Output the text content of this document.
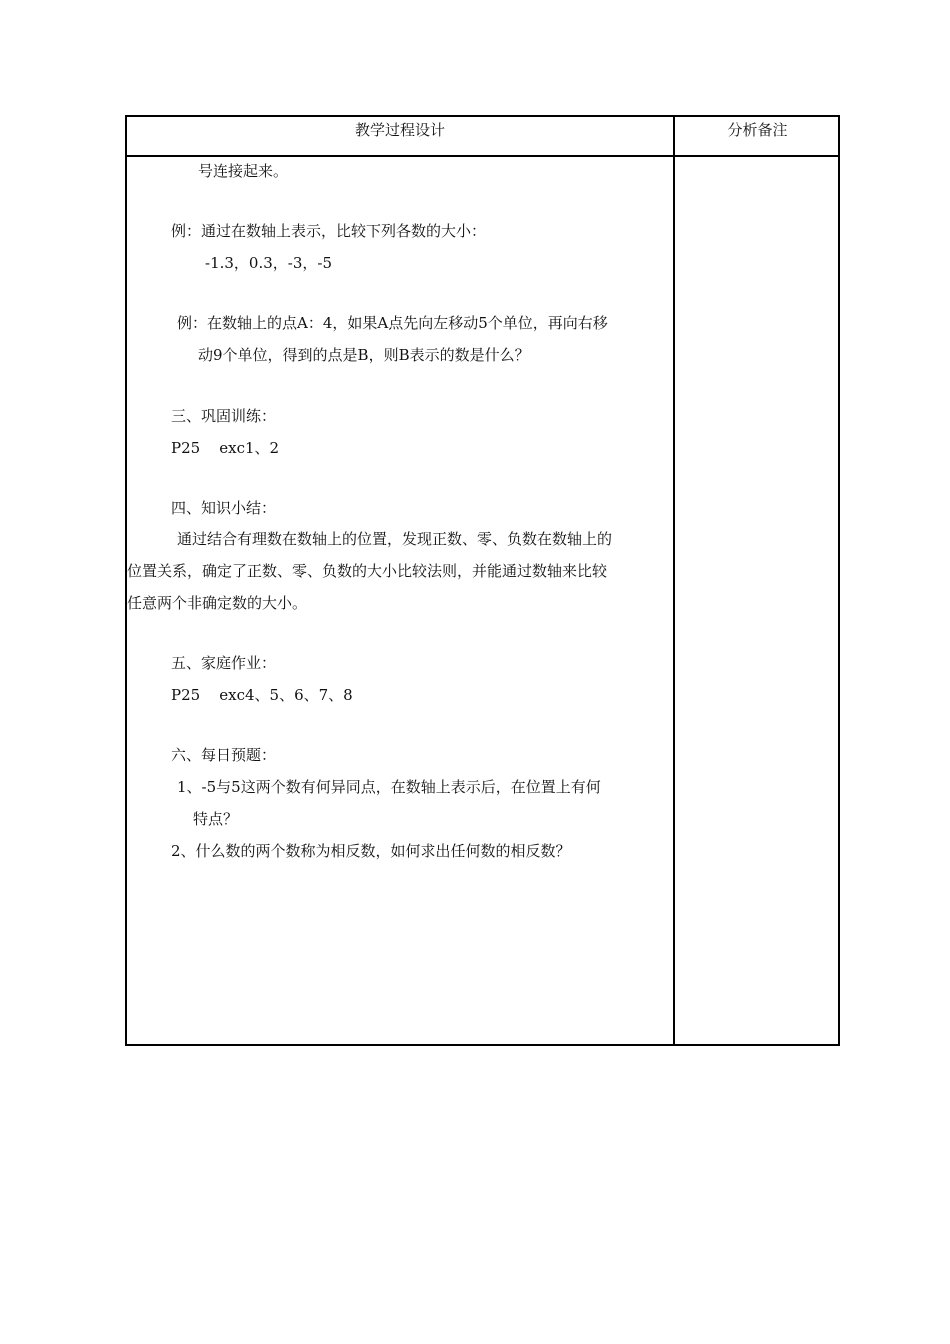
教学过程设计	分析备注
号连接起来。
例：通过在数轴上表示，比较下列各数的大小：
-1.3，0.3，-3，-5
例：在数轴上的点A：4，如果A点先向左移动5个单位，再向右移
动9个单位，得到的点是B，则B表示的数是什么？
三、巩固训练：
P25    exc1、2
四、知识小结：
通过结合有理数在数轴上的位置，发现正数、零、负数在数轴上的
位置关系，确定了正数、零、负数的大小比较法则，并能通过数轴来比较
任意两个非确定数的大小。
五、家庭作业：
P25    exc4、5、6、7、8
六、每日预题：
1、-5与5这两个数有何异同点，在数轴上表示后，在位置上有何
特点？
2、什么数的两个数称为相反数，如何求出任何数的相反数？
